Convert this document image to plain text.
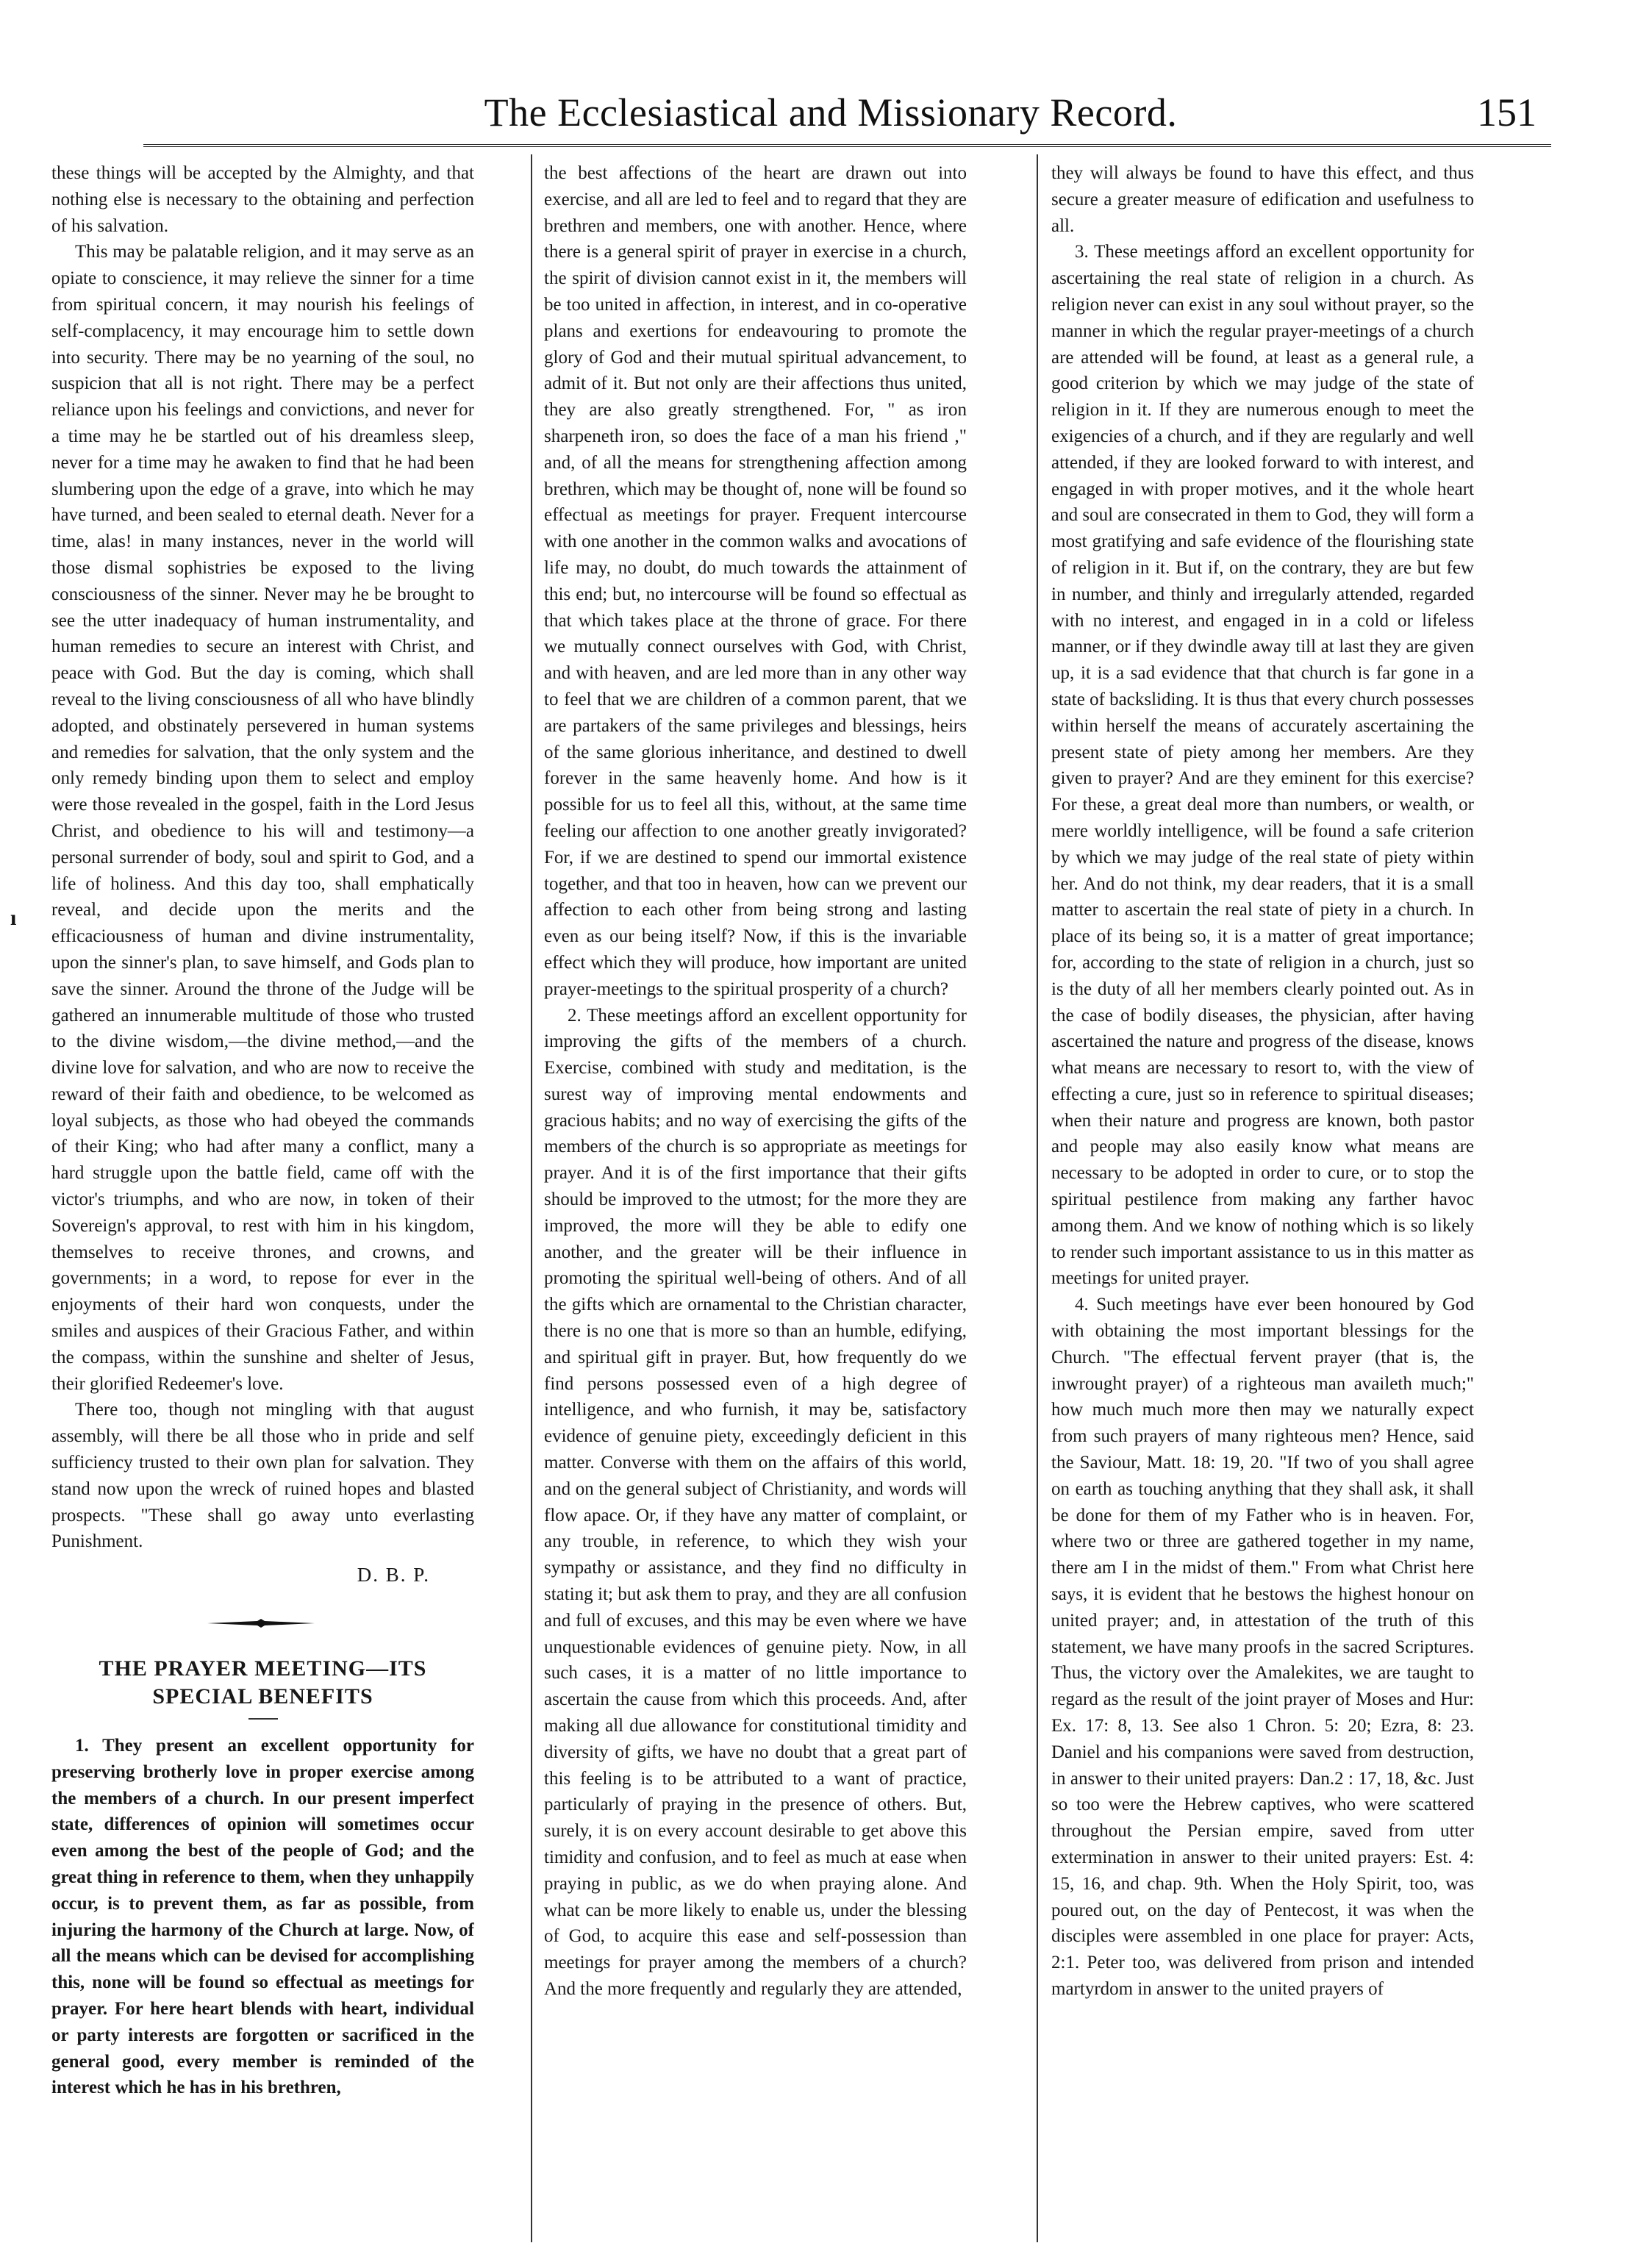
The Ecclesiastical and Missionary Record.	151
ı

these things will be accepted by the Almighty, and that nothing else is necessary to the obtaining and perfection of his salvation.

This may be palatable religion, and it may serve as an opiate to conscience, it may relieve the sinner for a time from spiritual concern, it may nourish his feelings of self-complacency, it may encourage him to settle down into security. There may be no yearning of the soul, no suspicion that all is not right. There may be a perfect reliance upon his feelings and convictions, and never for a time may he be startled out of his dreamless sleep, never for a time may he awaken to find that he had been slumbering upon the edge of a grave, into which he may have turned, and been sealed to eternal death. Never for a time, alas! in many instances, never in the world will those dismal sophistries be exposed to the living consciousness of the sinner. Never may he be brought to see the utter inadequacy of human instrumentality, and human remedies to secure an interest with Christ, and peace with God. But the day is coming, which shall reveal to the living consciousness of all who have blindly adopted, and obstinately persevered in human systems and remedies for salvation, that the only system and the only remedy binding upon them to select and employ were those revealed in the gospel, faith in the Lord Jesus Christ, and obedience to his will and testimony—a personal surrender of body, soul and spirit to God, and a life of holiness. And this day too, shall emphatically reveal, and decide upon the merits and the efficaciousness of human and divine instrumentality, upon the sinner's plan, to save himself, and Gods plan to save the sinner. Around the throne of the Judge will be gathered an innumerable multitude of those who trusted to the divine wisdom,—the divine method,—and the divine love for salvation, and who are now to receive the reward of their faith and obedience, to be welcomed as loyal subjects, as those who had obeyed the commands of their King; who had after many a conflict, many a hard struggle upon the battle field, came off with the victor's triumphs, and who are now, in token of their Sovereign's approval, to rest with him in his kingdom, themselves to receive thrones, and crowns, and governments; in a word, to repose for ever in the enjoyments of their hard won conquests, under the smiles and auspices of their Gracious Father, and within the compass, within the sunshine and shelter of Jesus, their glorified Redeemer's love.

There too, though not mingling with that august assembly, will there be all those who in pride and self sufficiency trusted to their own plan for salvation. They stand now upon the wreck of ruined hopes and blasted prospects. "These shall go away unto everlasting Punishment.

D. B. P.
THE PRAYER MEETING—ITS SPECIAL BENEFITS

1. They present an excellent opportunity for preserving brotherly love in proper exercise among the members of a church. In our present imperfect state, differences of opinion will sometimes occur even among the best of the people of God; and the great thing in reference to them, when they unhappily occur, is to prevent them, as far as possible, from injuring the harmony of the Church at large. Now, of all the means which can be devised for accomplishing this, none will be found so effectual as meetings for prayer. For here heart blends with heart, individual or party interests are forgotten or sacrificed in the general good, every member is reminded of the interest which he has in his brethren,

the best affections of the heart are drawn out into exercise, and all are led to feel and to regard that they are brethren and members, one with another. Hence, where there is a general spirit of prayer in exercise in a church, the spirit of division cannot exist in it, the members will be too united in affection, in interest, and in co-operative plans and exertions for endeavouring to promote the glory of God and their mutual spiritual advancement, to admit of it. But not only are their affections thus united, they are also greatly strengthened. For, " as iron sharpeneth iron, so does the face of a man his friend ," and, of all the means for strengthening affection among brethren, which may be thought of, none will be found so effectual as meetings for prayer. Frequent intercourse with one another in the common walks and avocations of life may, no doubt, do much towards the attainment of this end; but, no intercourse will be found so effectual as that which takes place at the throne of grace. For there we mutually connect ourselves with God, with Christ, and with heaven, and are led more than in any other way to feel that we are children of a common parent, that we are partakers of the same privileges and blessings, heirs of the same glorious inheritance, and destined to dwell forever in the same heavenly home. And how is it possible for us to feel all this, without, at the same time feeling our affection to one another greatly invigorated? For, if we are destined to spend our immortal existence together, and that too in heaven, how can we prevent our affection to each other from being strong and lasting even as our being itself? Now, if this is the invariable effect which they will produce, how important are united prayer-meetings to the spiritual prosperity of a church?

2. These meetings afford an excellent opportunity for improving the gifts of the members of a church. Exercise, combined with study and meditation, is the surest way of improving mental endowments and gracious habits; and no way of exercising the gifts of the members of the church is so appropriate as meetings for prayer. And it is of the first importance that their gifts should be improved to the utmost; for the more they are improved, the more will they be able to edify one another, and the greater will be their influence in promoting the spiritual well-being of others. And of all the gifts which are ornamental to the Christian character, there is no one that is more so than an humble, edifying, and spiritual gift in prayer. But, how frequently do we find persons possessed even of a high degree of intelligence, and who furnish, it may be, satisfactory evidence of genuine piety, exceedingly deficient in this matter. Converse with them on the affairs of this world, and on the general subject of Christianity, and words will flow apace. Or, if they have any matter of complaint, or any trouble, in reference, to which they wish your sympathy or assistance, and they find no difficulty in stating it; but ask them to pray, and they are all confusion and full of excuses, and this may be even where we have unquestionable evidences of genuine piety. Now, in all such cases, it is a matter of no little importance to ascertain the cause from which this proceeds. And, after making all due allowance for constitutional timidity and diversity of gifts, we have no doubt that a great part of this feeling is to be attributed to a want of practice, particularly of praying in the presence of others. But, surely, it is on every account desirable to get above this timidity and confusion, and to feel as much at ease when praying in public, as we do when praying alone. And what can be more likely to enable us, under the blessing of God, to acquire this ease and self-possession than meetings for prayer among the members of a church? And the more frequently and regularly they are attended,

they will always be found to have this effect, and thus secure a greater measure of edification and usefulness to all.

3. These meetings afford an excellent opportunity for ascertaining the real state of religion in a church. As religion never can exist in any soul without prayer, so the manner in which the regular prayer-meetings of a church are attended will be found, at least as a general rule, a good criterion by which we may judge of the state of religion in it. If they are numerous enough to meet the exigencies of a church, and if they are regularly and well attended, if they are looked forward to with interest, and engaged in with proper motives, and it the whole heart and soul are consecrated in them to God, they will form a most gratifying and safe evidence of the flourishing state of religion in it. But if, on the contrary, they are but few in number, and thinly and irregularly attended, regarded with no interest, and engaged in in a cold or lifeless manner, or if they dwindle away till at last they are given up, it is a sad evidence that that church is far gone in a state of backsliding. It is thus that every church possesses within herself the means of accurately ascertaining the present state of piety among her members. Are they given to prayer? And are they eminent for this exercise? For these, a great deal more than numbers, or wealth, or mere worldly intelligence, will be found a safe criterion by which we may judge of the real state of piety within her. And do not think, my dear readers, that it is a small matter to ascertain the real state of piety in a church. In place of its being so, it is a matter of great importance; for, according to the state of religion in a church, just so is the duty of all her members clearly pointed out. As in the case of bodily diseases, the physician, after having ascertained the nature and progress of the disease, knows what means are necessary to resort to, with the view of effecting a cure, just so in reference to spiritual diseases; when their nature and progress are known, both pastor and people may also easily know what means are necessary to be adopted in order to cure, or to stop the spiritual pestilence from making any farther havoc among them. And we know of nothing which is so likely to render such important assistance to us in this matter as meetings for united prayer.

4. Such meetings have ever been honoured by God with obtaining the most important blessings for the Church. "The effectual fervent prayer (that is, the inwrought prayer) of a righteous man availeth much;" how much much more then may we naturally expect from such prayers of many righteous men? Hence, said the Saviour, Matt. 18: 19, 20. "If two of you shall agree on earth as touching anything that they shall ask, it shall be done for them of my Father who is in heaven. For, where two or three are gathered together in my name, there am I in the midst of them." From what Christ here says, it is evident that he bestows the highest honour on united prayer; and, in attestation of the truth of this statement, we have many proofs in the sacred Scriptures. Thus, the victory over the Amalekites, we are taught to regard as the result of the joint prayer of Moses and Hur: Ex. 17: 8, 13. See also 1 Chron. 5: 20; Ezra, 8: 23. Daniel and his companions were saved from destruction, in answer to their united prayers: Dan.2 : 17, 18, &c. Just so too were the Hebrew captives, who were scattered throughout the Persian empire, saved from utter extermination in answer to their united prayers: Est. 4: 15, 16, and chap. 9th. When the Holy Spirit, too, was poured out, on the day of Pentecost, it was when the disciples were assembled in one place for prayer: Acts, 2:1. Peter too, was delivered from prison and intended martyrdom in answer to the united prayers of
